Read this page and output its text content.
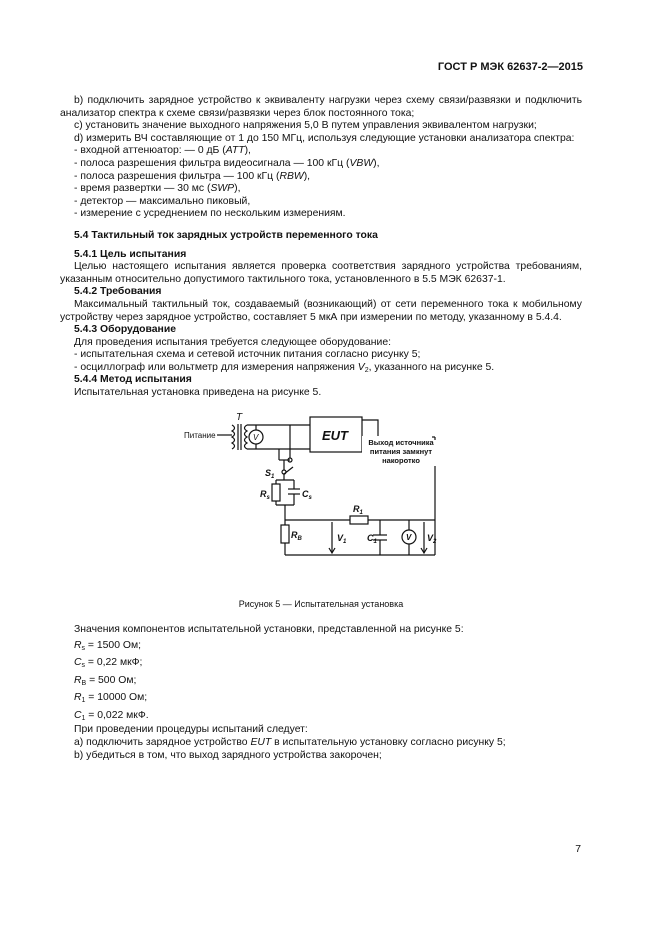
ГОСТ Р МЭК 62637-2—2015
b) подключить зарядное устройство к эквиваленту нагрузки через схему связи/развязки и подключить анализатор спектра к схеме связи/развязки через блок постоянного тока;
c) установить значение выходного напряжения 5,0 В путем управления эквивалентом нагрузки;
d) измерить ВЧ составляющие от 1 до 150 МГц, используя следующие установки анализатора спектра:
- входной аттенюатор: — 0 дБ (ATT),
- полоса разрешения фильтра видеосигнала — 100 кГц (VBW),
- полоса разрешения фильтра — 100 кГц (RBW),
- время развертки — 30 мс (SWP),
- детектор — максимально пиковый,
- измерение с усреднением по нескольким измерениям.
5.4 Тактильный ток зарядных устройств переменного тока
5.4.1 Цель испытания
Целью настоящего испытания является проверка соответствия зарядного устройства требованиям, указанным относительно допустимого тактильного тока, установленного в 5.5 МЭК 62637-1.
5.4.2 Требования
Максимальный тактильный ток, создаваемый (возникающий) от сети переменного тока к мобильному устройству через зарядное устройство, составляет 5 мкА при измерении по методу, указанному в 5.4.4.
5.4.3 Оборудование
Для проведения испытания требуется следующее оборудование:
- испытательная схема и сетевой источник питания согласно рисунку 5;
- осциллограф или вольтметр для измерения напряжения $V_2$, указанного на рисунке 5.
5.4.4 Метод испытания
Испытательная установка приведена на рисунке 5.
T
Питание	V	EUT	Выход источника
питания замкнут
накоротко
$S_1$
$R_s$	$C_s$
$R_1$
$R_B$	$V_1$ $C_1$	V $V_2$
Рисунок 5 — Испытательная установка
Значения компонентов испытательной установки, представленной на рисунке 5:
$R_s = 1500$ Ом;
$C_s = 0,22$ мкФ;
$R_B = 500$ Ом;
$R_1 = 10000$ Ом;
$C_1 = 0,022$ мкФ.
При проведении процедуры испытаний следует:
a) подключить зарядное устройство EUT в испытательную установку согласно рисунку 5;
b) убедиться в том, что выход зарядного устройства закорочен;
7
